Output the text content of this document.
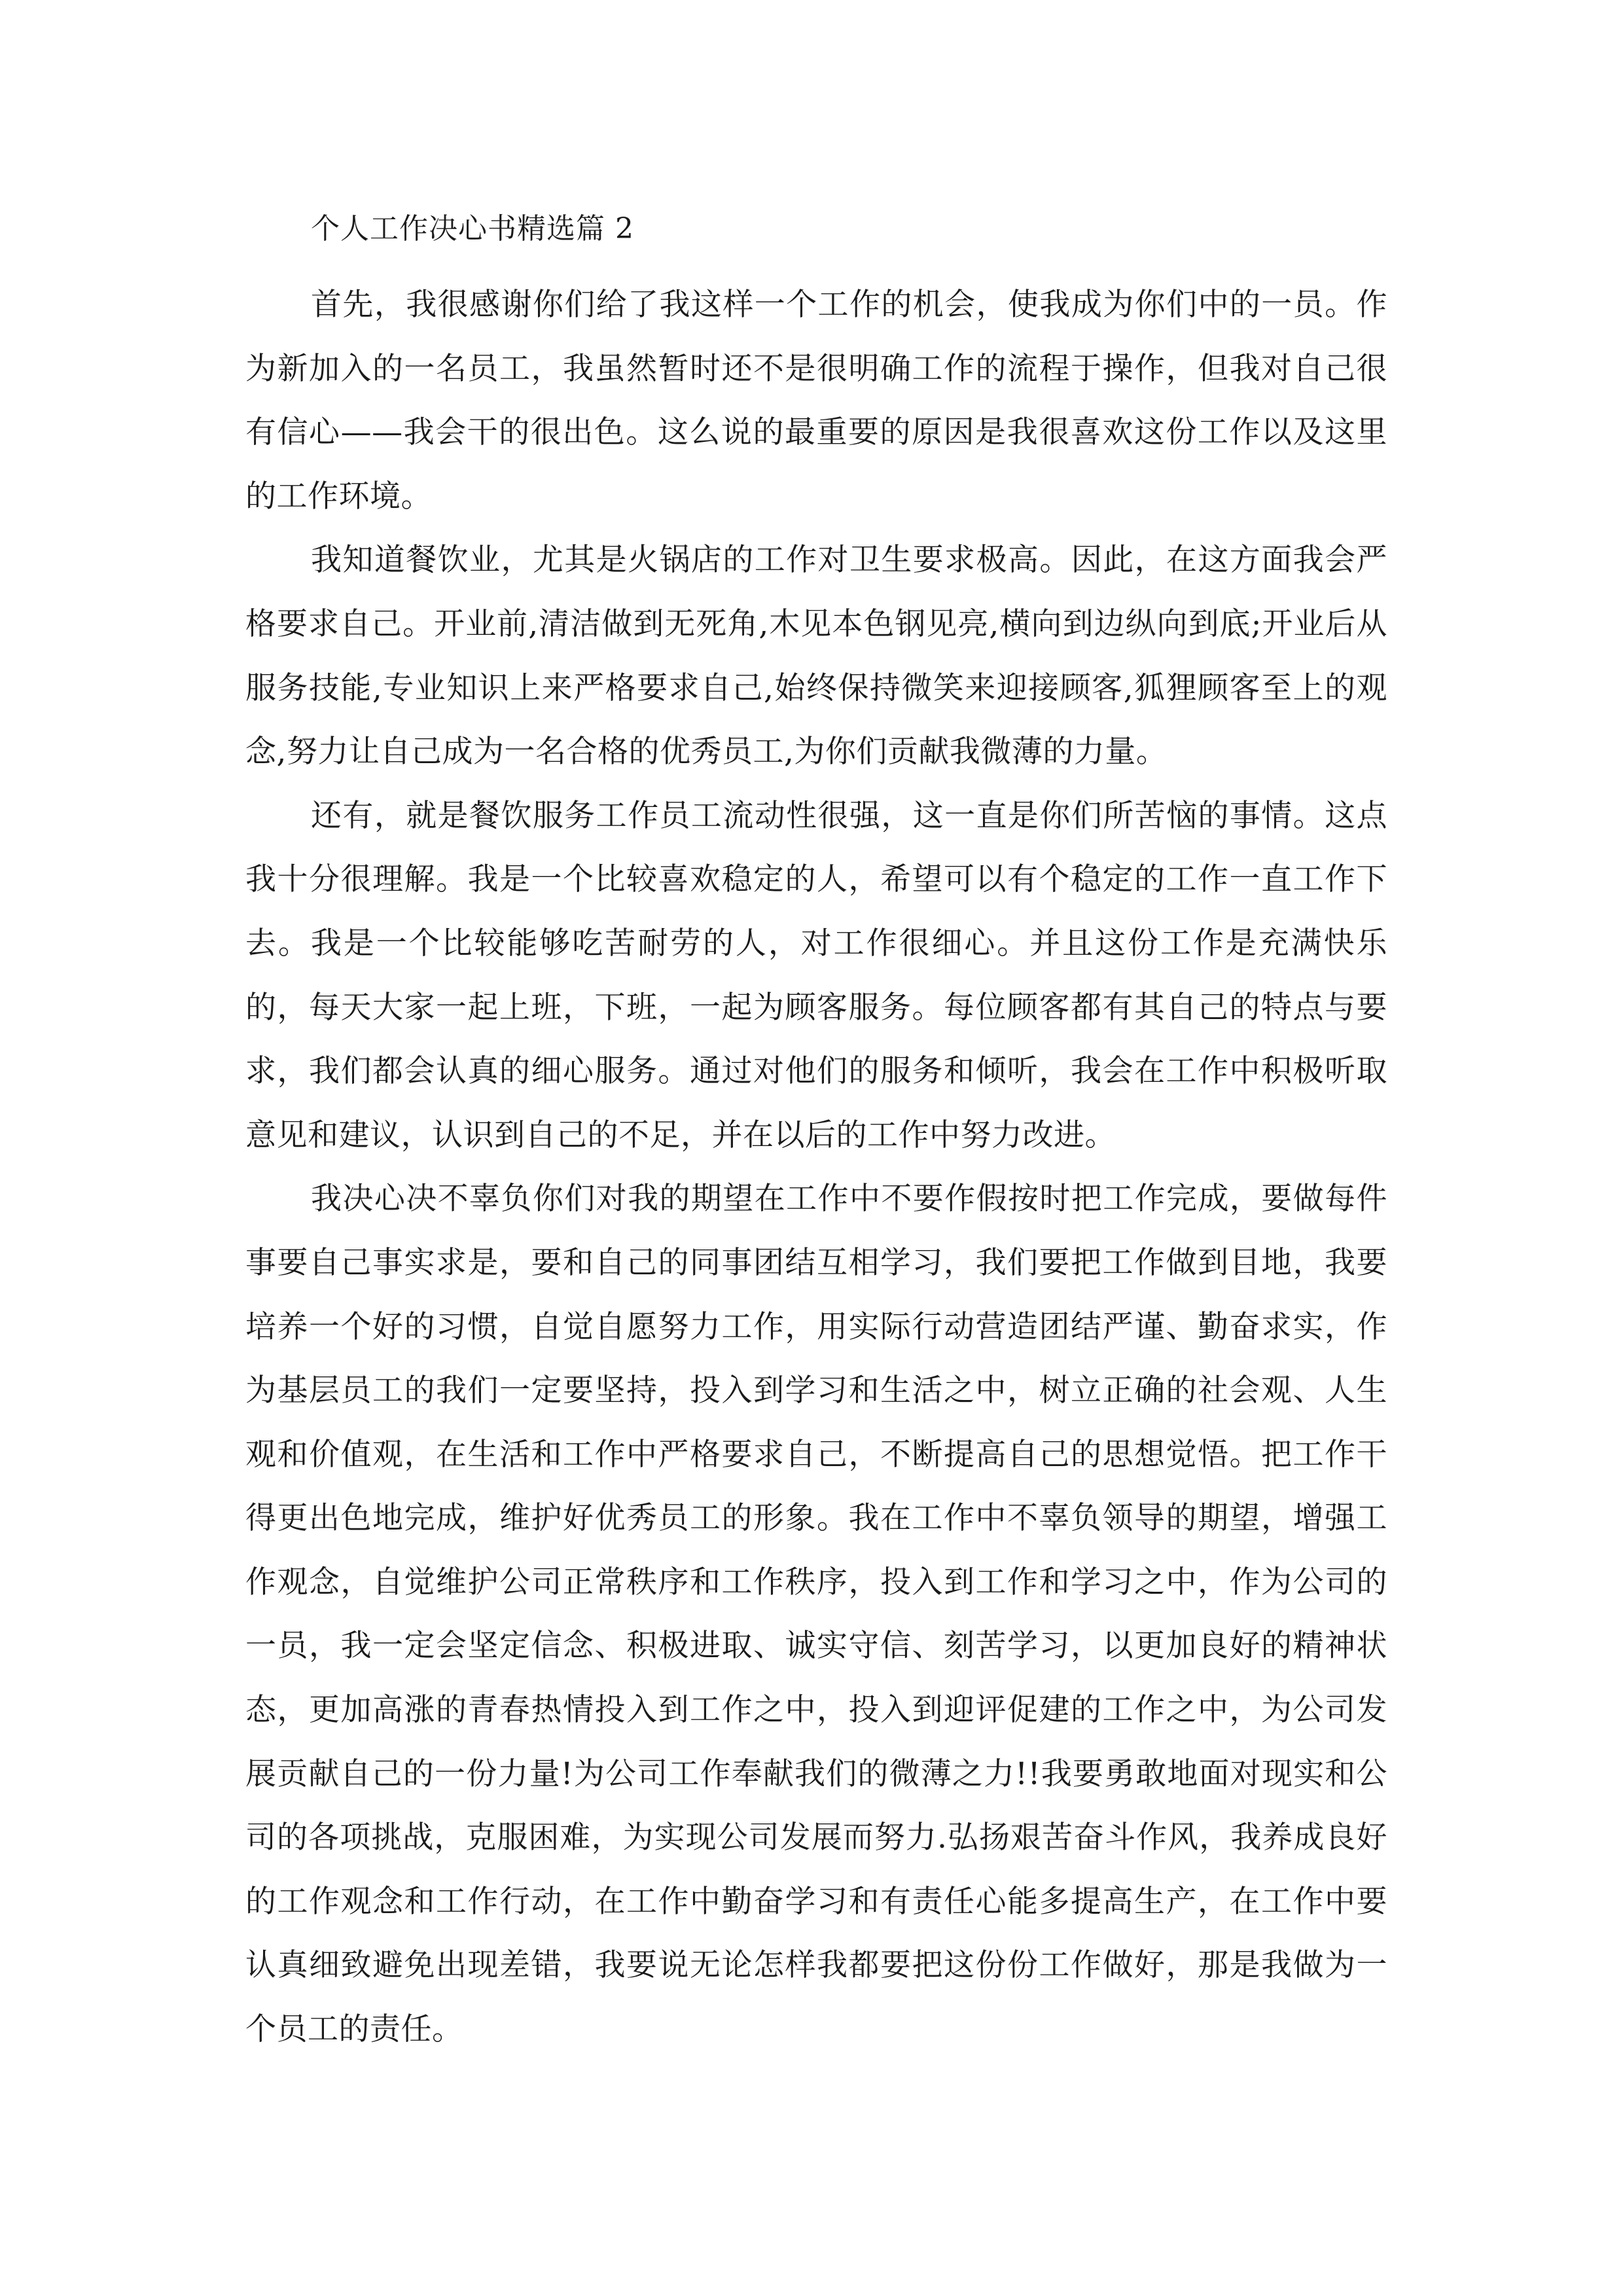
个人工作决心书精选篇 2

首先，我很感谢你们给了我这样一个工作的机会，使我成为你们中的一员。作为新加入的一名员工，我虽然暂时还不是很明确工作的流程于操作，但我对自己很有信心——我会干的很出色。这么说的最重要的原因是我很喜欢这份工作以及这里的工作环境。

我知道餐饮业，尤其是火锅店的工作对卫生要求极高。因此，在这方面我会严格要求自己。开业前,清洁做到无死角,木见本色钢见亮,横向到边纵向到底;开业后从服务技能,专业知识上来严格要求自己,始终保持微笑来迎接顾客,狐狸顾客至上的观念,努力让自己成为一名合格的优秀员工,为你们贡献我微薄的力量。

还有，就是餐饮服务工作员工流动性很强，这一直是你们所苦恼的事情。这点我十分很理解。我是一个比较喜欢稳定的人，希望可以有个稳定的工作一直工作下去。我是一个比较能够吃苦耐劳的人，对工作很细心。并且这份工作是充满快乐的，每天大家一起上班，下班，一起为顾客服务。每位顾客都有其自己的特点与要求，我们都会认真的细心服务。通过对他们的服务和倾听，我会在工作中积极听取意见和建议，认识到自己的不足，并在以后的工作中努力改进。

我决心决不辜负你们对我的期望在工作中不要作假按时把工作完成，要做每件事要自己事实求是，要和自己的同事团结互相学习，我们要把工作做到目地，我要培养一个好的习惯，自觉自愿努力工作，用实际行动营造团结严谨、勤奋求实，作为基层员工的我们一定要坚持，投入到学习和生活之中，树立正确的社会观、人生观和价值观，在生活和工作中严格要求自己，不断提高自己的思想觉悟。把工作干得更出色地完成，维护好优秀员工的形象。我在工作中不辜负领导的期望，增强工作观念，自觉维护公司正常秩序和工作秩序，投入到工作和学习之中，作为公司的一员，我一定会坚定信念、积极进取、诚实守信、刻苦学习，以更加良好的精神状态，更加高涨的青春热情投入到工作之中，投入到迎评促建的工作之中，为公司发展贡献自己的一份力量!为公司工作奉献我们的微薄之力!!我要勇敢地面对现实和公司的各项挑战，克服困难，为实现公司发展而努力.弘扬艰苦奋斗作风，我养成良好的工作观念和工作行动，在工作中勤奋学习和有责任心能多提高生产，在工作中要认真细致避免出现差错，我要说无论怎样我都要把这份份工作做好，那是我做为一个员工的责任。
